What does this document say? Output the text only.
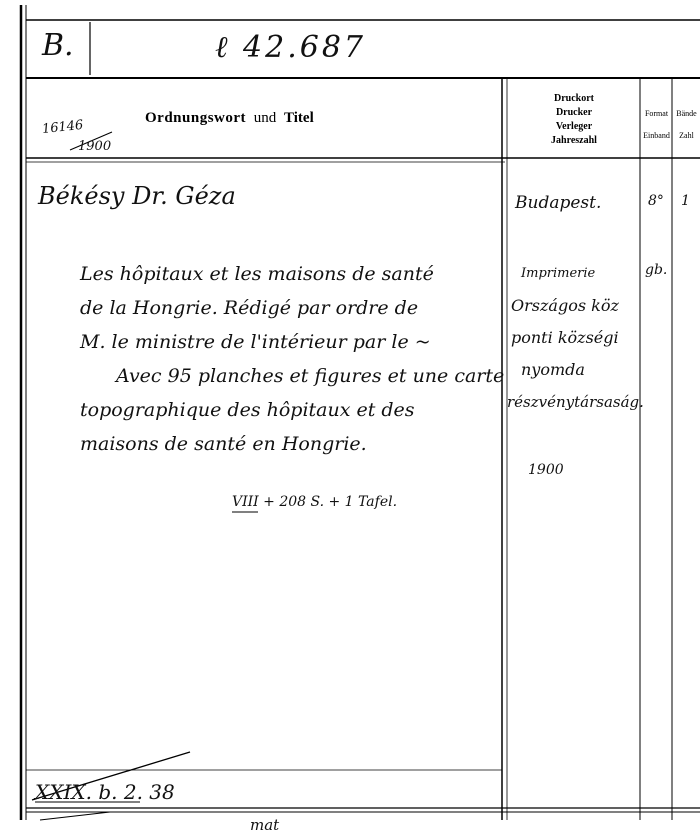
B.	ℓ 42.687
16146
1900
Ordnungswort und Titel
Druckort
Drucker
Verleger
Jahreszahl
Format
Einband
Bände
Zahl
Békésy Dr. Géza
Les hôpitaux et les maisons de santé
de la Hongrie. Rédigé par ordre de
M. le ministre de l'intérieur par le ~
Avec 95 planches et figures et une carte
topographique des hôpitaux et des
maisons de santé en Hongrie.
VIII + 208 S. + 1 Tafel.
Budapest.
Imprimerie
Országos köz
ponti községi
nyomda
részvénytársaság.
1900
8°
gb.
1
XXIX. b. 2. 38
mat
